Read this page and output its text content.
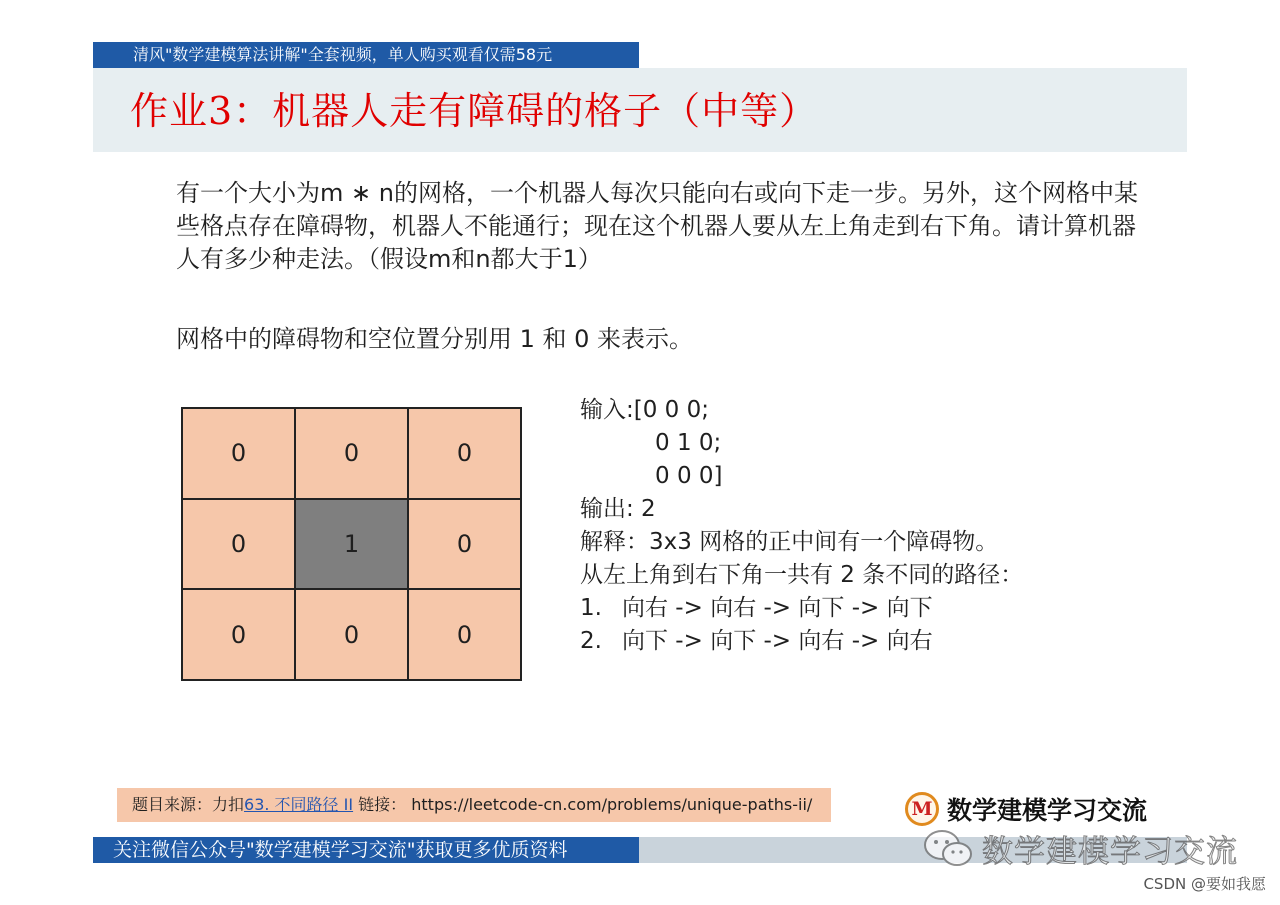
清风"数学建模算法讲解"全套视频，单人购买观看仅需58元
作业3：机器人走有障碍的格子（中等）

有一个大小为m ∗ n的网格，一个机器人每次只能向右或向下走一步。另外，这个网格中某些格点存在障碍物，机器人不能通行；现在这个机器人要从左上角走到右下角。请计算机器人有多少种走法。（假设m和n都大于1）

网格中的障碍物和空位置分别用 1 和 0 来表示。
0	0	0
0	1	0
0	0	0
输入:[0 0 0;
0 1 0;
0 0 0]
输出: 2
解释：3x3 网格的正中间有一个障碍物。
从左上角到右下角一共有 2 条不同的路径：
1. 向右 -> 向右 -> 向下 -> 向下
2. 向下 -> 向下 -> 向右 -> 向右
题目来源：力扣63. 不同路径 II 链接： https://leetcode-cn.com/problems/unique-paths-ii/	M 数学建模学习交流
关注微信公众号"数学建模学习交流"获取更多优质资料	数学建模学习交流
CSDN @要如我愿
